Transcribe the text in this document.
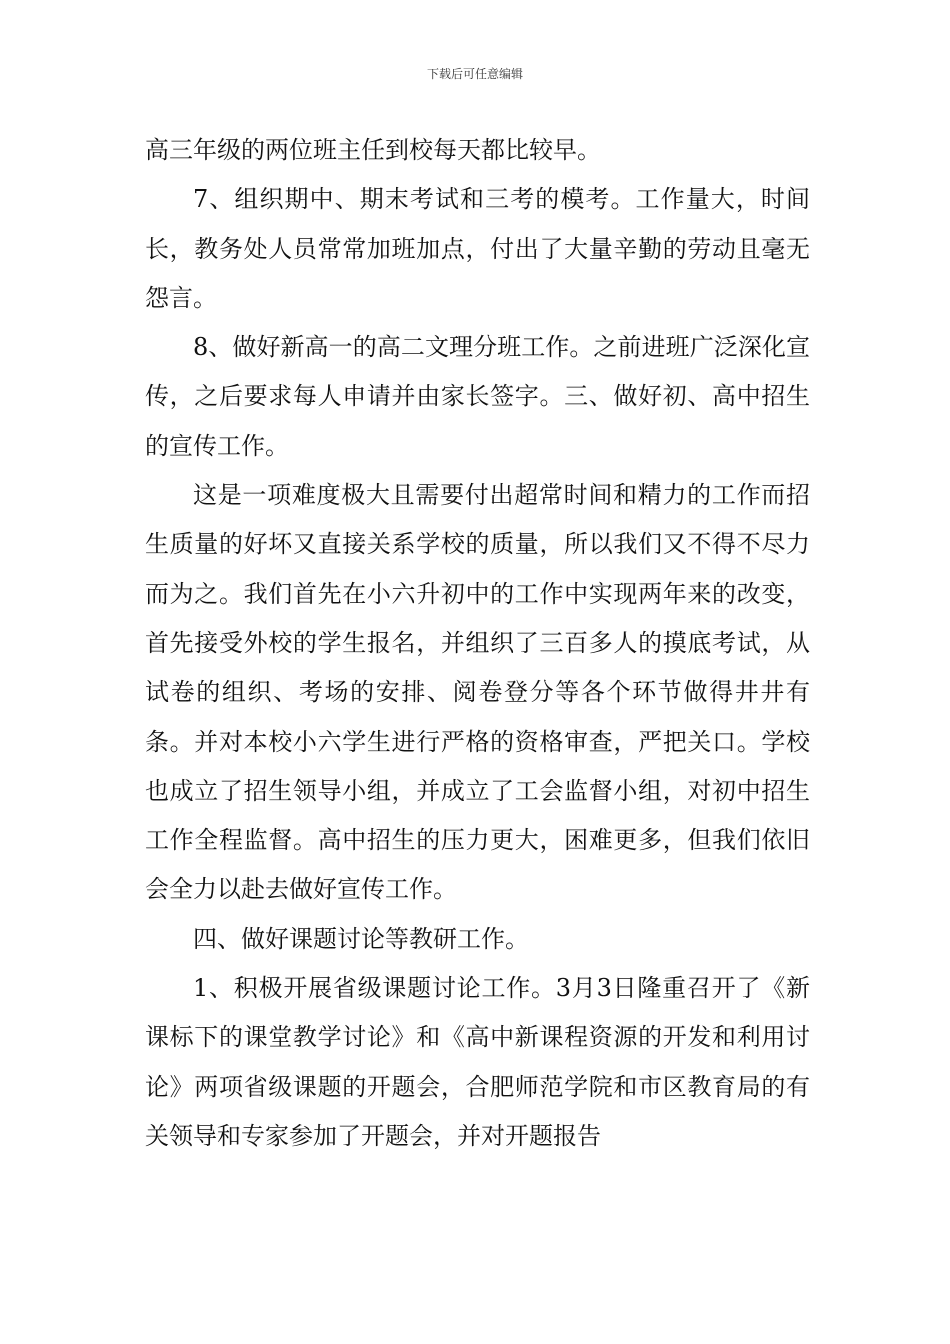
下载后可任意编辑

高三年级的两位班主任到校每天都比较早。

7、组织期中、期末考试和三考的模考。工作量大，时间长，教务处人员常常加班加点，付出了大量辛勤的劳动且毫无怨言。

8、做好新高一的高二文理分班工作。之前进班广泛深化宣传，之后要求每人申请并由家长签字。三、做好初、高中招生的宣传工作。

这是一项难度极大且需要付出超常时间和精力的工作而招生质量的好坏又直接关系学校的质量，所以我们又不得不尽力而为之。我们首先在小六升初中的工作中实现两年来的改变，首先接受外校的学生报名，并组织了三百多人的摸底考试，从试卷的组织、考场的安排、阅卷登分等各个环节做得井井有条。并对本校小六学生进行严格的资格审查，严把关口。学校也成立了招生领导小组，并成立了工会监督小组，对初中招生工作全程监督。高中招生的压力更大，困难更多，但我们依旧会全力以赴去做好宣传工作。

四、做好课题讨论等教研工作。

1、积极开展省级课题讨论工作。3月3日隆重召开了《新课标下的课堂教学讨论》和《高中新课程资源的开发和利用讨论》两项省级课题的开题会，合肥师范学院和市区教育局的有关领导和专家参加了开题会，并对开题报告
